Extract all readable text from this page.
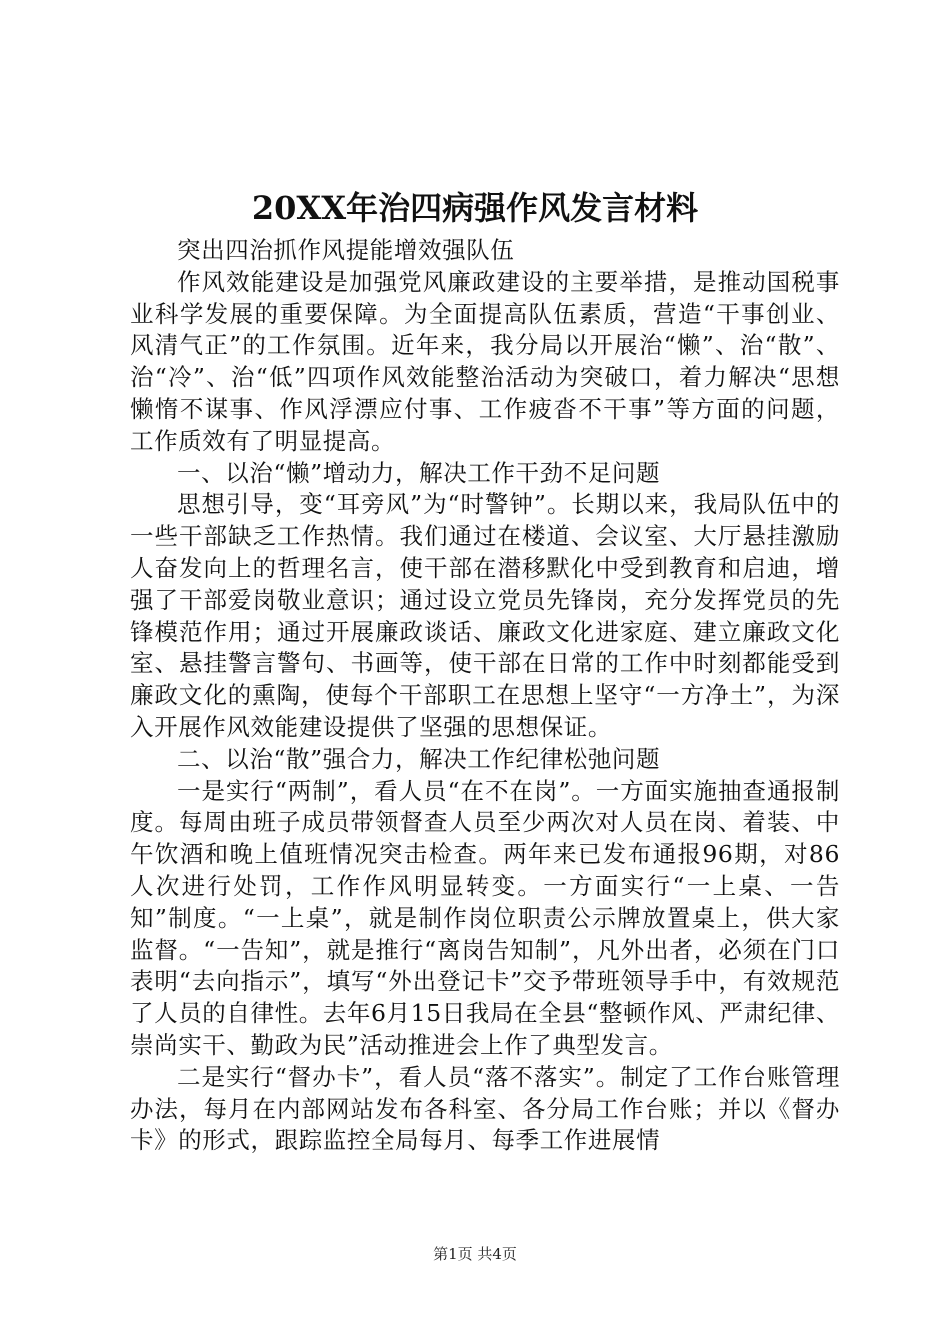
20XX年治四病强作风发言材料

突出四治抓作风提能增效强队伍

作风效能建设是加强党风廉政建设的主要举措，是推动国税事业科学发展的重要保障。为全面提高队伍素质，营造“干事创业、风清气正”的工作氛围。近年来，我分局以开展治“懒”、治“散”、治“冷”、治“低”四项作风效能整治活动为突破口，着力解决“思想懒惰不谋事、作风浮漂应付事、工作疲沓不干事”等方面的问题，工作质效有了明显提高。

一、以治“懒”增动力，解决工作干劲不足问题

思想引导，变“耳旁风”为“时警钟”。长期以来，我局队伍中的一些干部缺乏工作热情。我们通过在楼道、会议室、大厅悬挂激励人奋发向上的哲理名言，使干部在潜移默化中受到教育和启迪，增强了干部爱岗敬业意识；通过设立党员先锋岗，充分发挥党员的先锋模范作用；通过开展廉政谈话、廉政文化进家庭、建立廉政文化室、悬挂警言警句、书画等，使干部在日常的工作中时刻都能受到廉政文化的熏陶，使每个干部职工在思想上坚守“一方净土”，为深入开展作风效能建设提供了坚强的思想保证。

二、以治“散”强合力，解决工作纪律松弛问题

一是实行“两制”，看人员“在不在岗”。一方面实施抽查通报制度。每周由班子成员带领督查人员至少两次对人员在岗、着装、中午饮酒和晚上值班情况突击检查。两年来已发布通报96期，对86人次进行处罚，工作作风明显转变。一方面实行“一上桌、一告知”制度。“一上桌”，就是制作岗位职责公示牌放置桌上，供大家监督。“一告知”，就是推行“离岗告知制”，凡外出者，必须在门口表明“去向指示”，填写“外出登记卡”交予带班领导手中，有效规范了人员的自律性。去年6月15日我局在全县“整顿作风、严肃纪律、崇尚实干、勤政为民”活动推进会上作了典型发言。

二是实行“督办卡”，看人员“落不落实”。制定了工作台账管理办法，每月在内部网站发布各科室、各分局工作台账；并以《督办卡》的形式，跟踪监控全局每月、每季工作进展情

第1页 共4页
